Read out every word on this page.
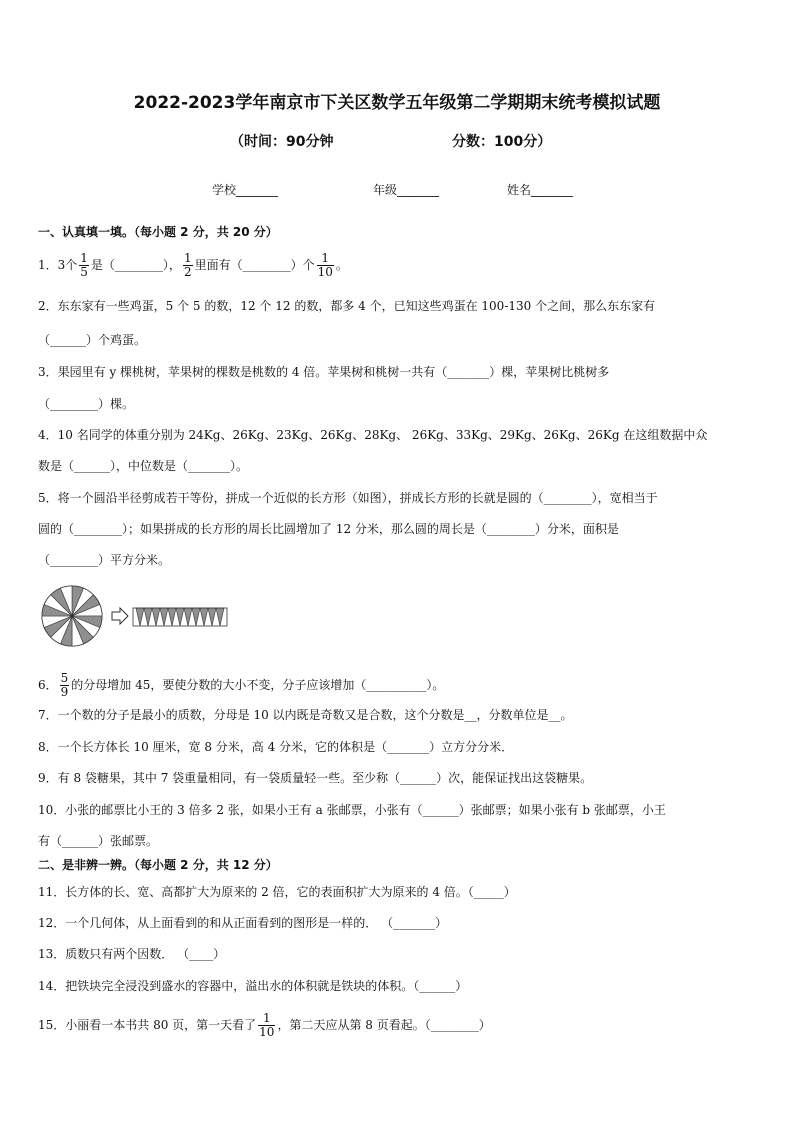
2022-2023学年南京市下关区数学五年级第二学期期末统考模拟试题
（时间：90分钟	分数：100分）
学校_______	年级_______	姓名_______
一、认真填一填。（每小题 2 分，共 20 分）
1．3个 $\frac{1}{5}$ 是（________）， $\frac{1}{2}$ 里面有（________）个 $\frac{1}{10}$ 。
2．东东家有一些鸡蛋，5 个 5 的数，12 个 12 的数，都多 4 个，已知这些鸡蛋在 100-130 个之间，那么东东家有
（______）个鸡蛋。
3．果园里有 y 棵桃树，苹果树的棵数是桃数的 4 倍。苹果树和桃树一共有（_______）棵，苹果树比桃树多
（________）棵。
4．10 名同学的体重分别为 24Kg、26Kg、23Kg、26Kg、28Kg、 26Kg、33Kg、29Kg、26Kg、26Kg 在这组数据中众
数是（______），中位数是（_______）。
5．将一个圆沿半径剪成若干等份，拼成一个近似的长方形（如图），拼成长方形的长就是圆的（________），宽相当于
圆的（________）；如果拼成的长方形的周长比圆增加了 12 分米，那么圆的周长是（________）分米，面积是
（________）平方分米。
6． $\frac{5}{9}$ 的分母增加 45，要使分数的大小不变，分子应该增加（__________）。
7．一个数的分子是最小的质数，分母是 10 以内既是奇数又是合数，这个分数是__，分数单位是__。
8．一个长方体长 10 厘米，宽 8 分米，高 4 分米，它的体积是（_______）立方分分米．
9．有 8 袋糖果，其中 7 袋重量相同，有一袋质量轻一些。至少称（______）次，能保证找出这袋糖果。
10．小张的邮票比小王的 3 倍多 2 张，如果小王有 a 张邮票，小张有（______）张邮票；如果小张有 b 张邮票，小王
有（______）张邮票。
二、是非辨一辨。（每小题 2 分，共 12 分）
11．长方体的长、宽、高都扩大为原来的 2 倍，它的表面积扩大为原来的 4 倍。（_____）
12．一个几何体，从上面看到的和从正面看到的图形是一样的． （_______）
13．质数只有两个因数． （____）
14．把铁块完全浸没到盛水的容器中，溢出水的体积就是铁块的体积。（______）
15．小丽看一本书共 80 页，第一天看了 $\frac{1}{10}$ ，第二天应从第 8 页看起。（________）
